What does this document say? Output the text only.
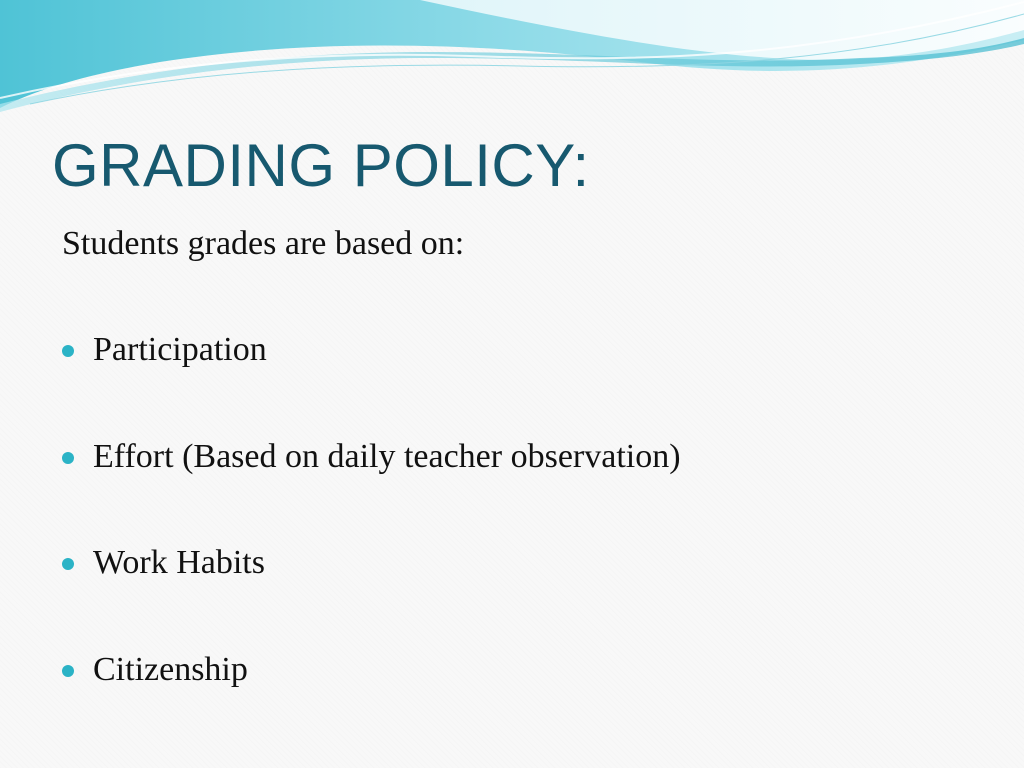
GRADING POLICY:
Students grades are based on:
Participation
Effort (Based on daily teacher observation)
Work Habits
Citizenship
